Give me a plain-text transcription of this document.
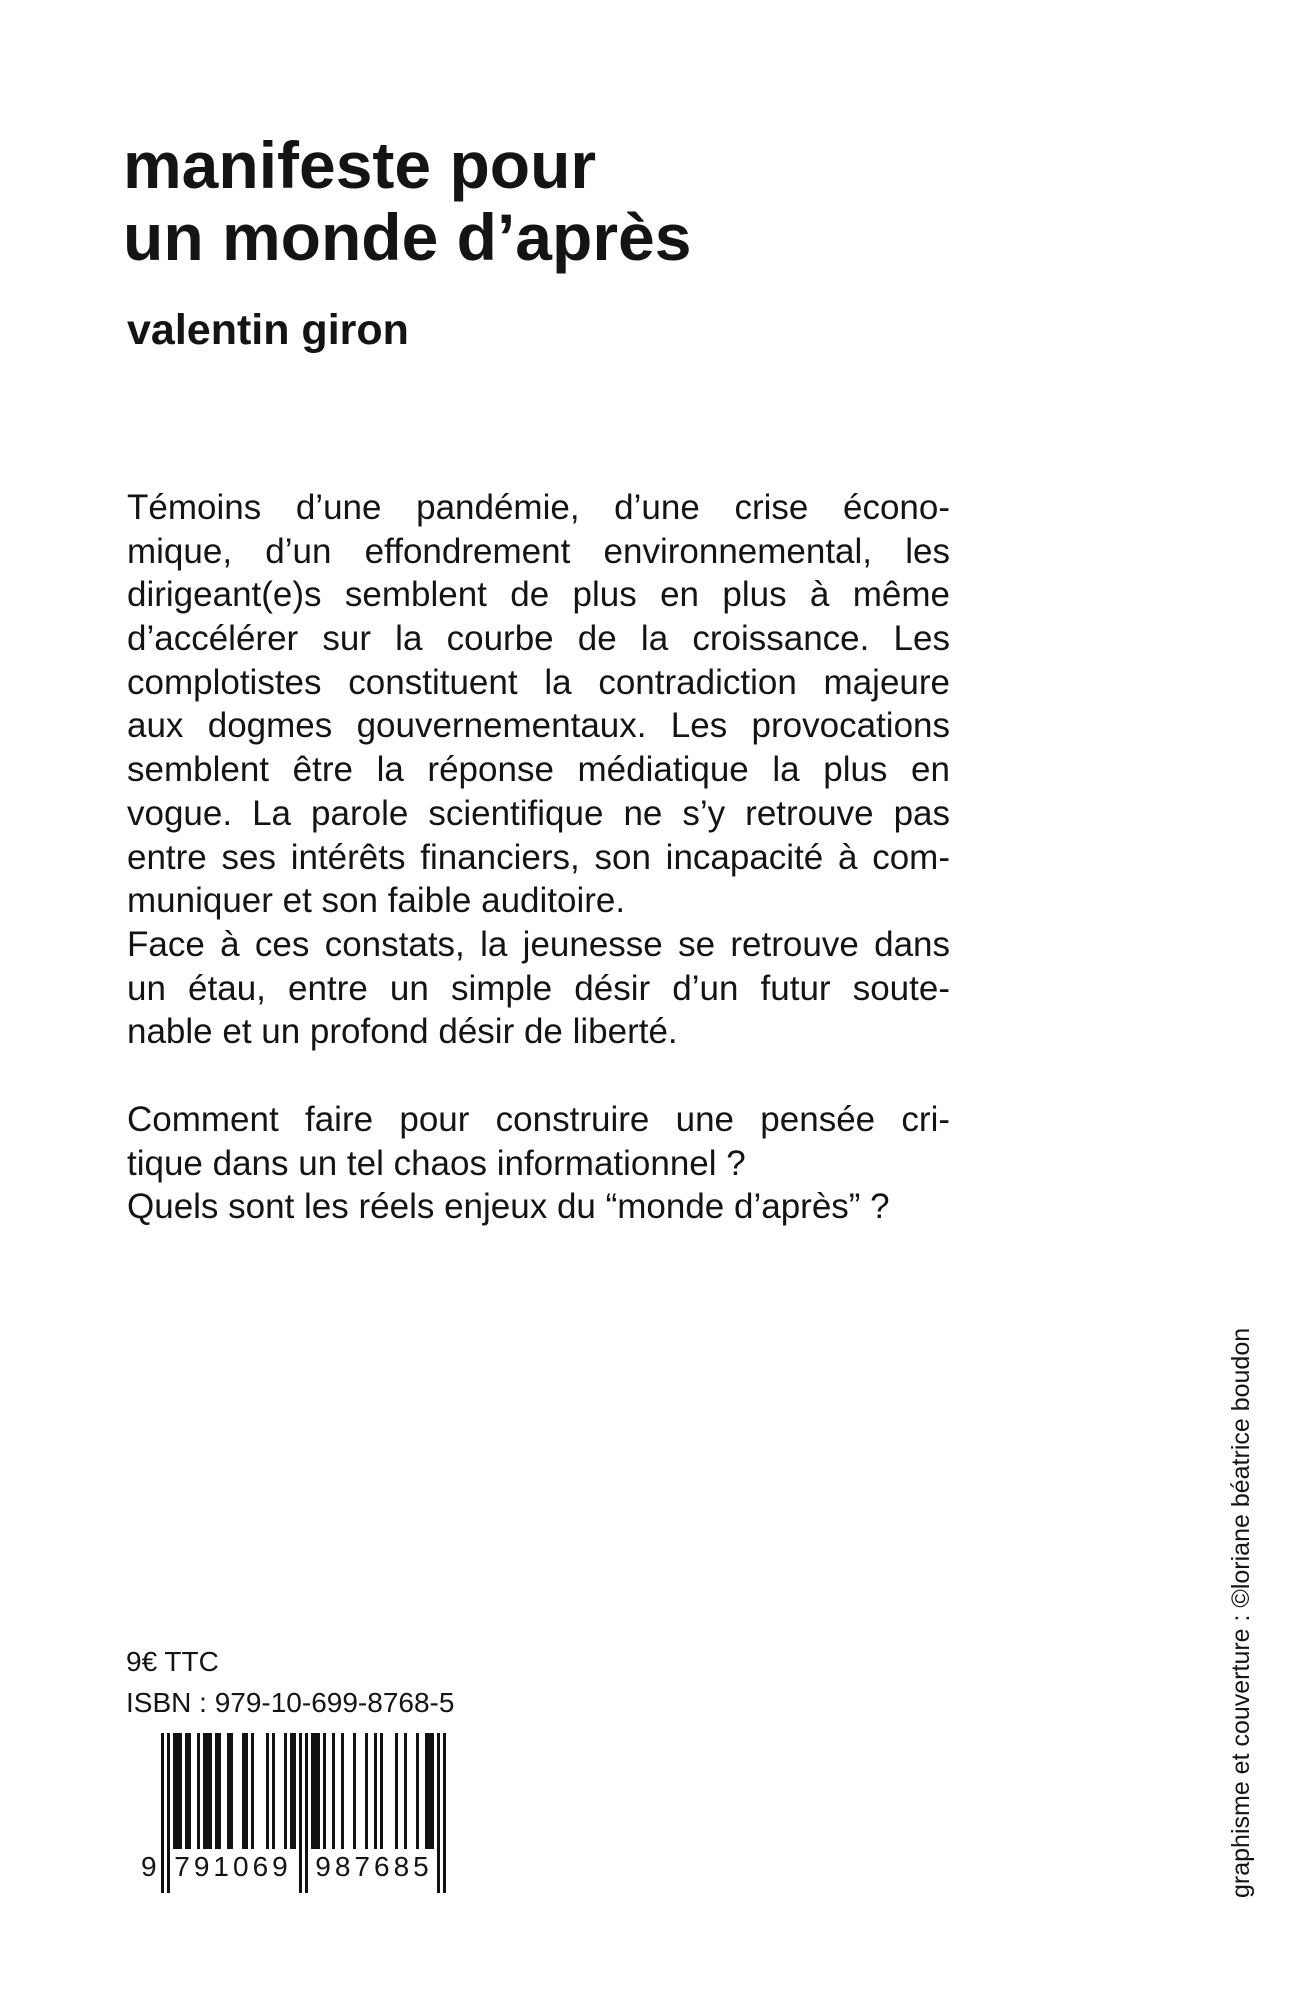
manifeste pour
un monde d’après
valentin giron
Témoins d’une pandémie, d’une crise écono-
mique, d’un effondrement environnemental, les
dirigeant(e)s semblent de plus en plus à même
d’accélérer sur la courbe de la croissance. Les
complotistes constituent la contradiction majeure
aux dogmes gouvernementaux. Les provocations
semblent être la réponse médiatique la plus en
vogue. La parole scientifique ne s’y retrouve pas
entre ses intérêts financiers, son incapacité à com-
muniquer et son faible auditoire.
Face à ces constats, la jeunesse se retrouve dans
un étau, entre un simple désir d’un futur soute-
nable et un profond désir de liberté.
Comment faire pour construire une pensée cri-
tique dans un tel chaos informationnel ?
Quels sont les réels enjeux du “monde d’après” ?
9€ TTC
ISBN : 979-10-699-8768-5
9 791069 987685	graphisme et couverture : ©loriane béatrice boudon
